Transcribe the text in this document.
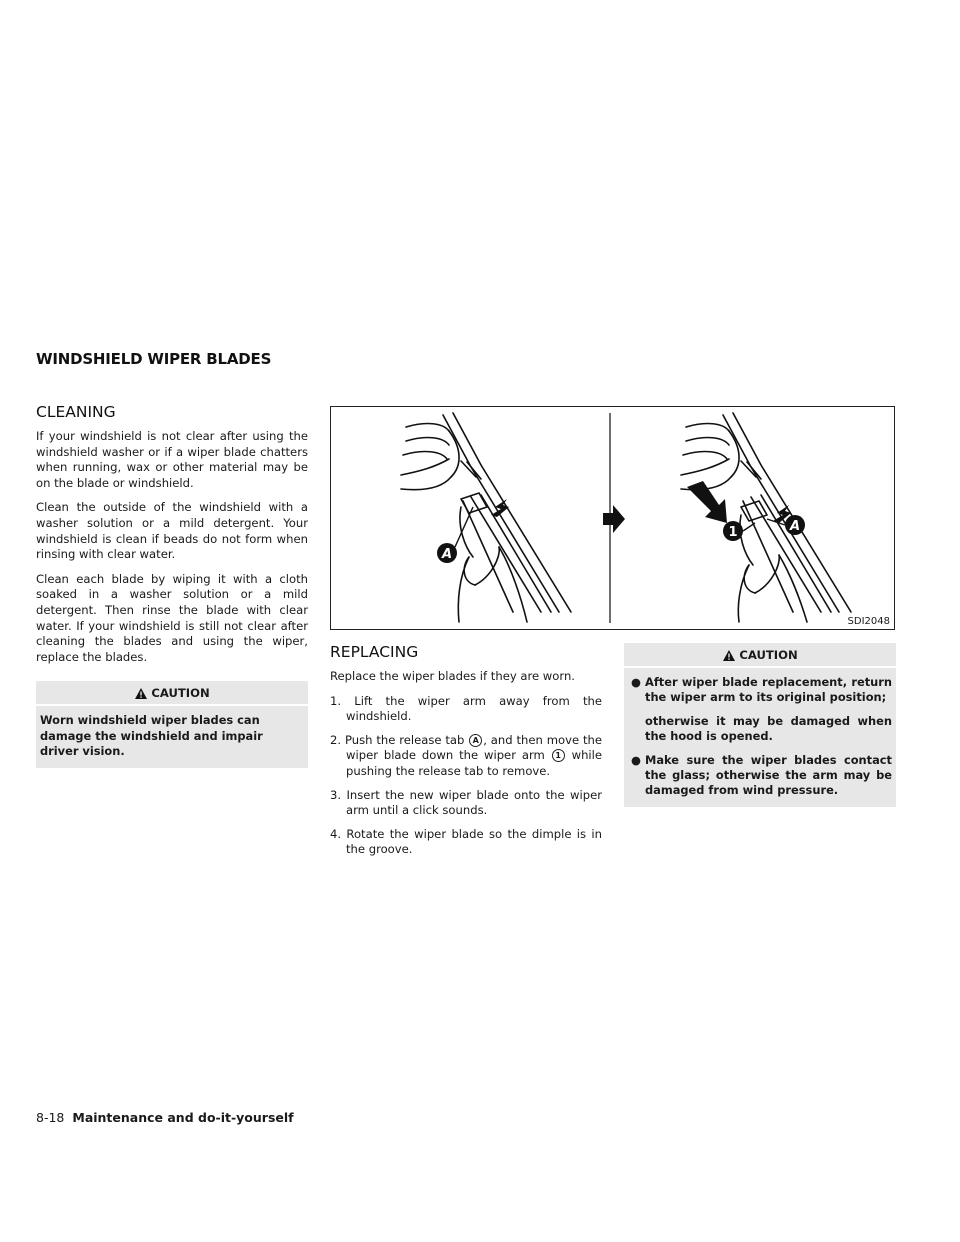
WINDSHIELD WIPER BLADES
CLEANING

If your windshield is not clear after using the windshield washer or if a wiper blade chatters when running, wax or other material may be on the blade or windshield.

Clean the outside of the windshield with a washer solution or a mild detergent. Your windshield is clean if beads do not form when rinsing with clear water.

Clean each blade by wiping it with a cloth soaked in a washer solution or a mild detergent. Then rinse the blade with clear water. If your windshield is still not clear after cleaning the blades and using the wiper, replace the blades.

CAUTION
Worn windshield wiper blades can damage the windshield and impair driver vision.
A
1	A
SDI2048
REPLACING

Replace the wiper blades if they are worn.

1. Lift the wiper arm away from the windshield.
2. Push the release tab A , and then move the wiper blade down the wiper arm 1 while pushing the release tab to remove.
3. Insert the new wiper blade onto the wiper arm until a click sounds.
4. Rotate the wiper blade so the dimple is in the groove.
CAUTION
● After wiper blade replacement, return the wiper arm to its original position;

otherwise it may be damaged when the hood is opened.

● Make sure the wiper blades contact the glass; otherwise the arm may be damaged from wind pressure.

8-18 Maintenance and do-it-yourself
